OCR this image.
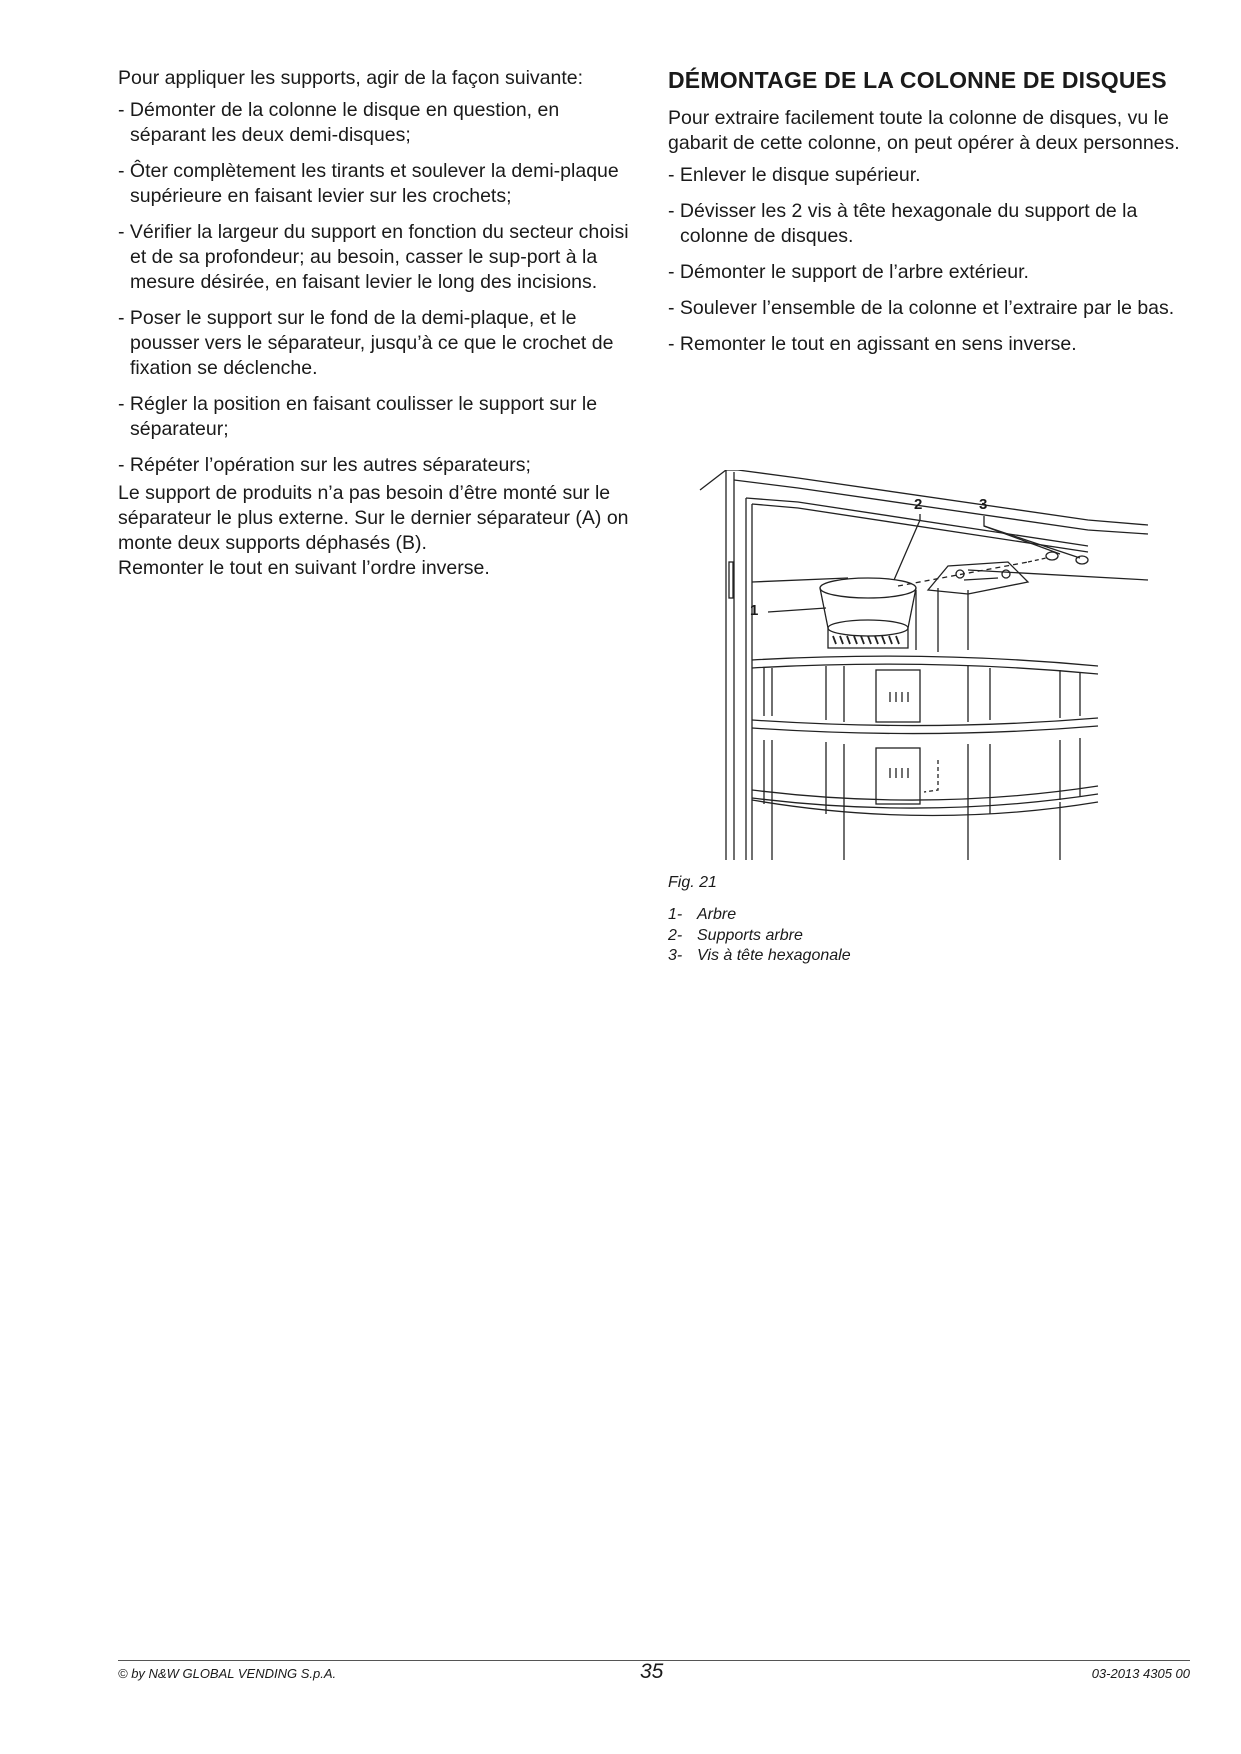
Pour appliquer les supports, agir de la façon suivante:

- Démonter de la colonne le disque en question, en séparant les deux demi-disques;

- Ôter complètement les tirants et soulever la demi-plaque supérieure en faisant levier sur les crochets;

- Vérifier la largeur du support en fonction du secteur choisi et de sa profondeur; au besoin, casser le sup-port à la mesure désirée, en faisant levier le long des incisions.

- Poser le support sur le fond de la demi-plaque, et le pousser vers le séparateur, jusqu’à ce que le crochet de fixation se déclenche.

- Régler la position en faisant coulisser le support sur le séparateur;

- Répéter l’opération sur les autres séparateurs;

Le support de produits n’a pas besoin d’être monté sur le séparateur le plus externe. Sur le dernier séparateur (A) on monte deux supports déphasés (B).

Remonter le tout en suivant l’ordre inverse.

DÉMONTAGE DE LA COLONNE DE DISQUES

Pour extraire facilement toute la colonne de disques, vu le gabarit de cette colonne, on peut opérer à deux personnes.

- Enlever le disque supérieur.

- Dévisser les 2 vis à tête hexagonale du support de la colonne de disques.

- Démonter le support de l’arbre extérieur.

- Soulever l’ensemble de la colonne et l’extraire par le bas.

- Remonter le tout en agissant en sens inverse.

1
2	3
Fig. 21
1- Arbre
2- Supports arbre
3- Vis à tête hexagonale
© by N&W GLOBAL VENDING S.p.A.	35	03-2013 4305 00
